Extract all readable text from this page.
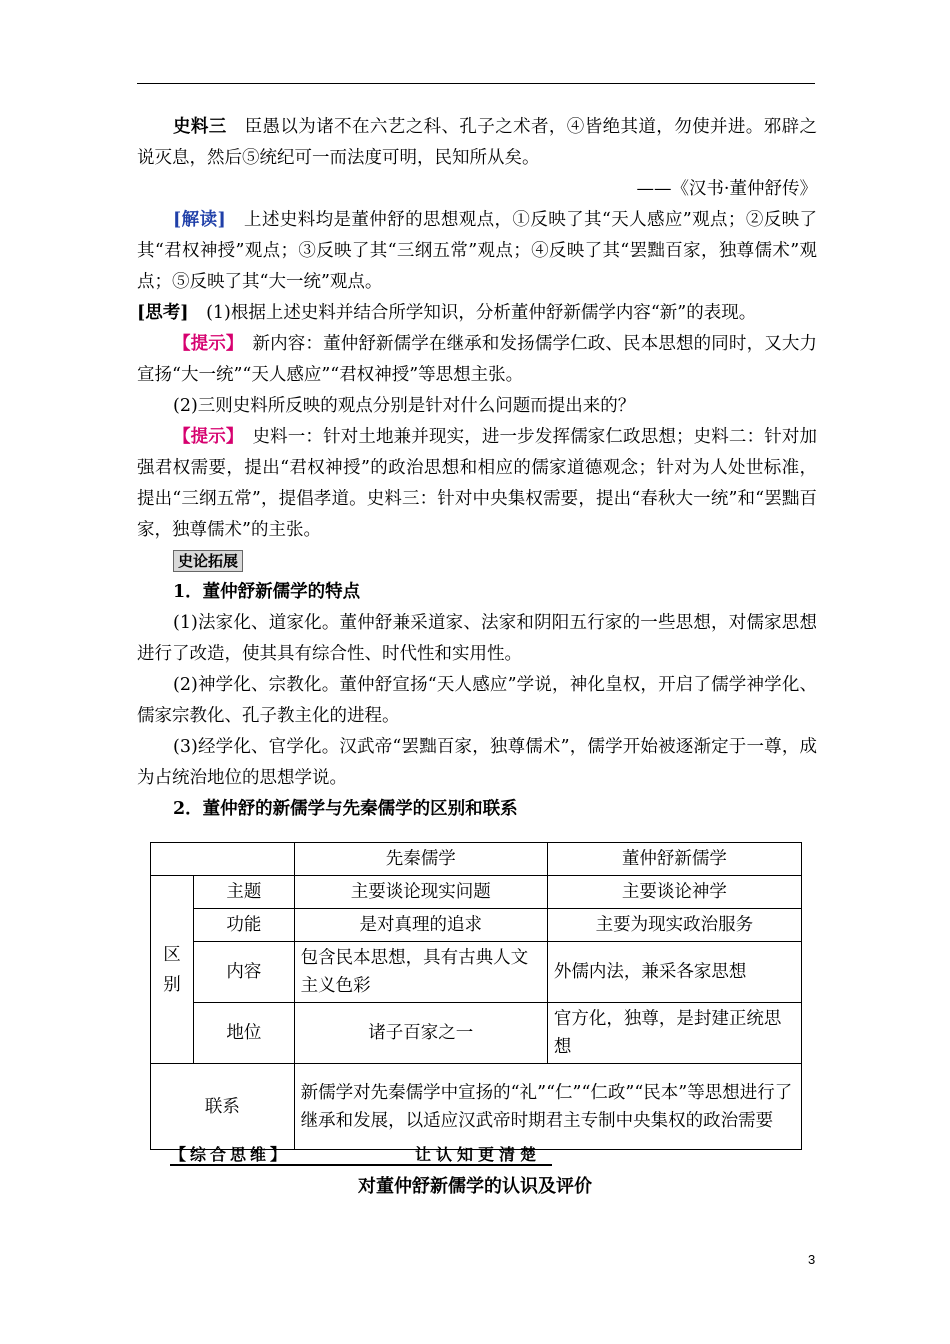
史料三　 臣愚以为诸不在六艺之科、孔子之术者，④皆绝其道，勿使并进。邪辟之说灭息，然后⑤统纪可一而法度可明，民知所从矣。

——《汉书·董仲舒传》

[解读]　 上述史料均是董仲舒的思想观点，①反映了其“天人感应”观点；②反映了其“君权神授”观点；③反映了其“三纲五常”观点；④反映了其“罢黜百家，独尊儒术”观点；⑤反映了其“大一统”观点。

[思考]　 (1)根据上述史料并结合所学知识，分析董仲舒新儒学内容“新”的表现。

【提示】　 新内容：董仲舒新儒学在继承和发扬儒学仁政、民本思想的同时，又大力宣扬“大一统”“天人感应”“君权神授”等思想主张。

(2)三则史料所反映的观点分别是针对什么问题而提出来的？

【提示】　 史料一：针对土地兼并现实，进一步发挥儒家仁政思想；史料二：针对加强君权需要，提出“君权神授”的政治思想和相应的儒家道德观念；针对为人处世标准，提出“三纲五常”，提倡孝道。史料三：针对中央集权需要，提出“春秋大一统”和“罢黜百家，独尊儒术”的主张。

史论拓展

1．董仲舒新儒学的特点

(1)法家化、道家化。董仲舒兼采道家、法家和阴阳五行家的一些思想，对儒家思想进行了改造，使其具有综合性、时代性和实用性。

(2)神学化、宗教化。董仲舒宣扬“天人感应”学说，神化皇权，开启了儒学神学化、儒家宗教化、孔子教主化的进程。

(3)经学化、官学化。汉武帝“罢黜百家，独尊儒术”，儒学开始被逐渐定于一尊，成为占统治地位的思想学说。

2．董仲舒的新儒学与先秦儒学的区别和联系

		先秦儒学	董仲舒新儒学
区别	主题	主要谈论现实问题	主要谈论神学
	功能	是对真理的追求	主要为现实政治服务
	内容	包含民本思想，具有古典人文主义色彩	外儒内法，兼采各家思想
	地位	诸子百家之一	官方化，独尊，是封建正统思想
联系		新儒学对先秦儒学中宣扬的“礼”“仁”“仁政”“民本”等思想进行了继承和发展，以适应汉武帝时期君主专制中央集权的政治需要	
【综合思维】	让认知更清楚
对董仲舒新儒学的认识及评价
3
